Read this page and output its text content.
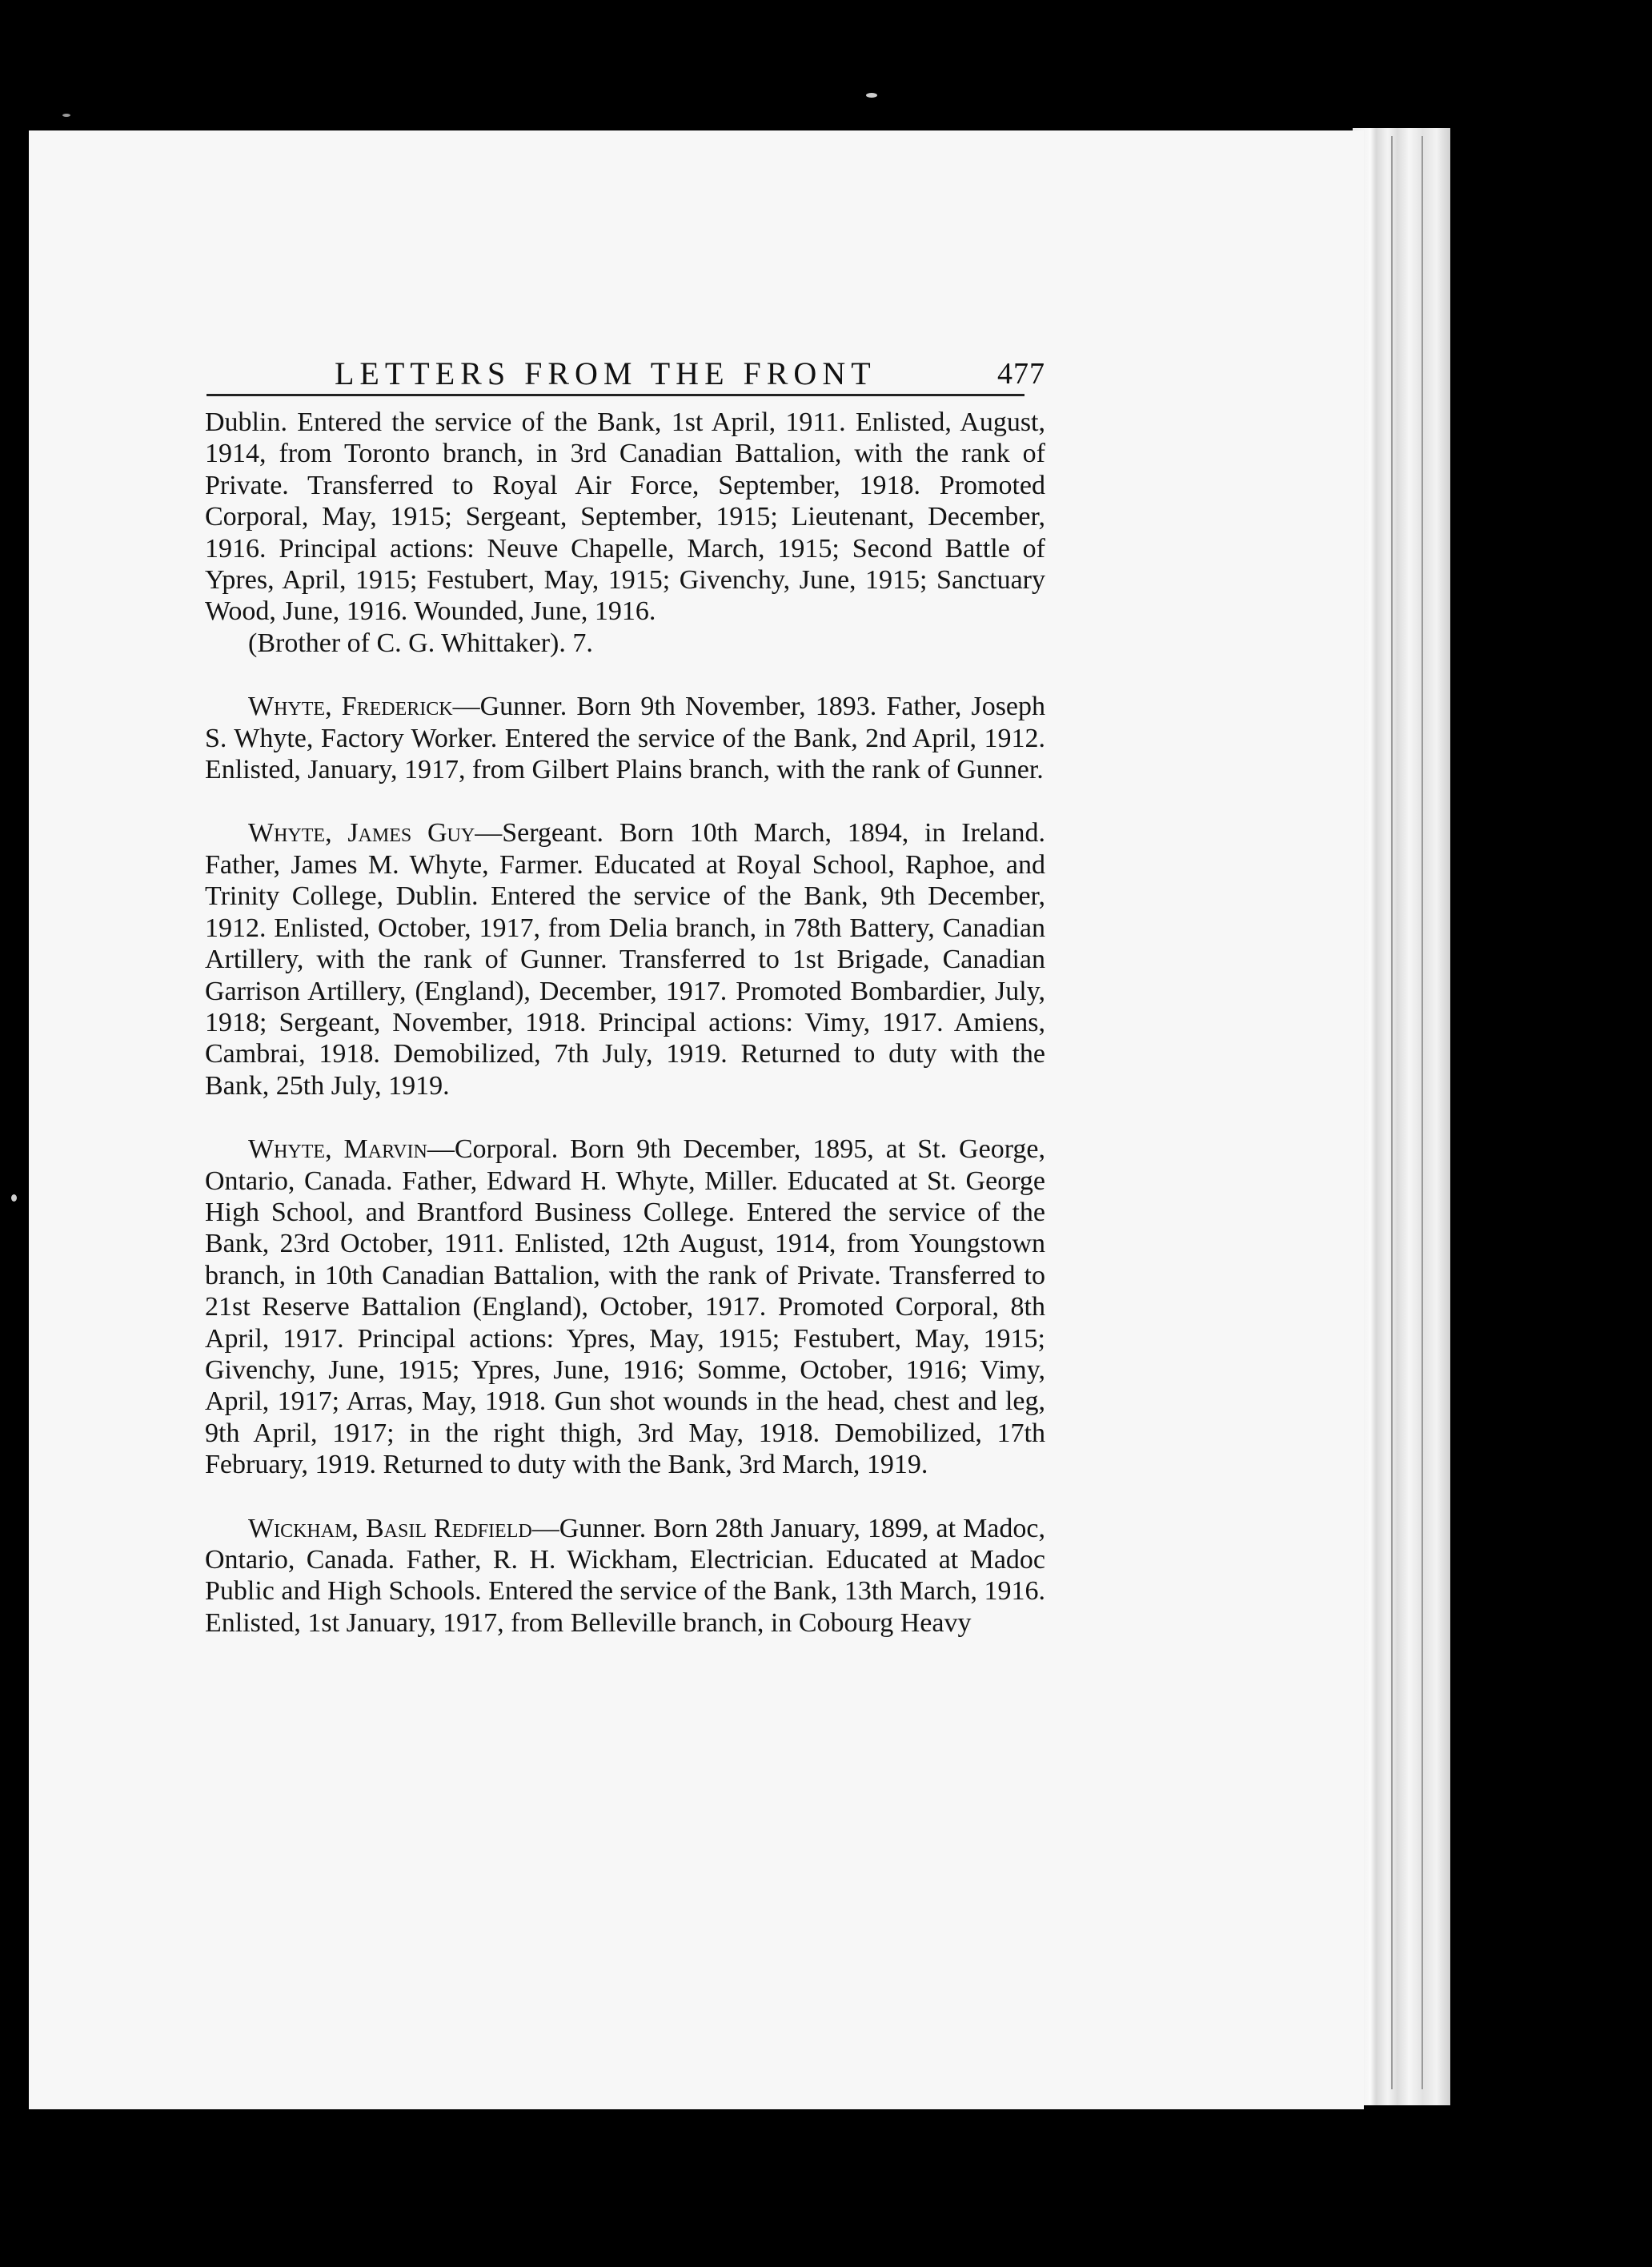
LETTERS FROM THE FRONT	477

Dublin. Entered the service of the Bank, 1st April, 1911. Enlisted, August, 1914, from Toronto branch, in 3rd Canadian Battalion, with the rank of Private. Transferred to Royal Air Force, September, 1918. Promoted Corporal, May, 1915; Sergeant, September, 1915; Lieutenant, December, 1916. Principal actions: Neuve Chapelle, March, 1915; Second Battle of Ypres, April, 1915; Festubert, May, 1915; Givenchy, June, 1915; Sanctuary Wood, June, 1916. Wounded, June, 1916.

(Brother of C. G. Whittaker). 7.

Whyte, Frederick—Gunner. Born 9th November, 1893. Father, Joseph S. Whyte, Factory Worker. Entered the service of the Bank, 2nd April, 1912. Enlisted, January, 1917, from Gilbert Plains branch, with the rank of Gunner.

Whyte, James Guy—Sergeant. Born 10th March, 1894, in Ireland. Father, James M. Whyte, Farmer. Educated at Royal School, Raphoe, and Trinity College, Dublin. Entered the service of the Bank, 9th December, 1912. Enlisted, October, 1917, from Delia branch, in 78th Battery, Canadian Artillery, with the rank of Gunner. Transferred to 1st Brigade, Canadian Garrison Artillery, (England), December, 1917. Promoted Bombardier, July, 1918; Sergeant, November, 1918. Principal actions: Vimy, 1917. Amiens, Cambrai, 1918. Demobilized, 7th July, 1919. Returned to duty with the Bank, 25th July, 1919.

Whyte, Marvin—Corporal. Born 9th December, 1895, at St. George, Ontario, Canada. Father, Edward H. Whyte, Miller. Educated at St. George High School, and Brantford Business College. Entered the service of the Bank, 23rd October, 1911. Enlisted, 12th August, 1914, from Youngstown branch, in 10th Canadian Battalion, with the rank of Private. Transferred to 21st Reserve Battalion (England), October, 1917. Promoted Corporal, 8th April, 1917. Principal actions: Ypres, May, 1915; Festubert, May, 1915; Givenchy, June, 1915; Ypres, June, 1916; Somme, October, 1916; Vimy, April, 1917; Arras, May, 1918. Gun shot wounds in the head, chest and leg, 9th April, 1917; in the right thigh, 3rd May, 1918. Demobilized, 17th February, 1919. Returned to duty with the Bank, 3rd March, 1919.

Wickham, Basil Redfield—Gunner. Born 28th January, 1899, at Madoc, Ontario, Canada. Father, R. H. Wickham, Electrician. Educated at Madoc Public and High Schools. Entered the service of the Bank, 13th March, 1916. Enlisted, 1st January, 1917, from Belleville branch, in Cobourg Heavy
